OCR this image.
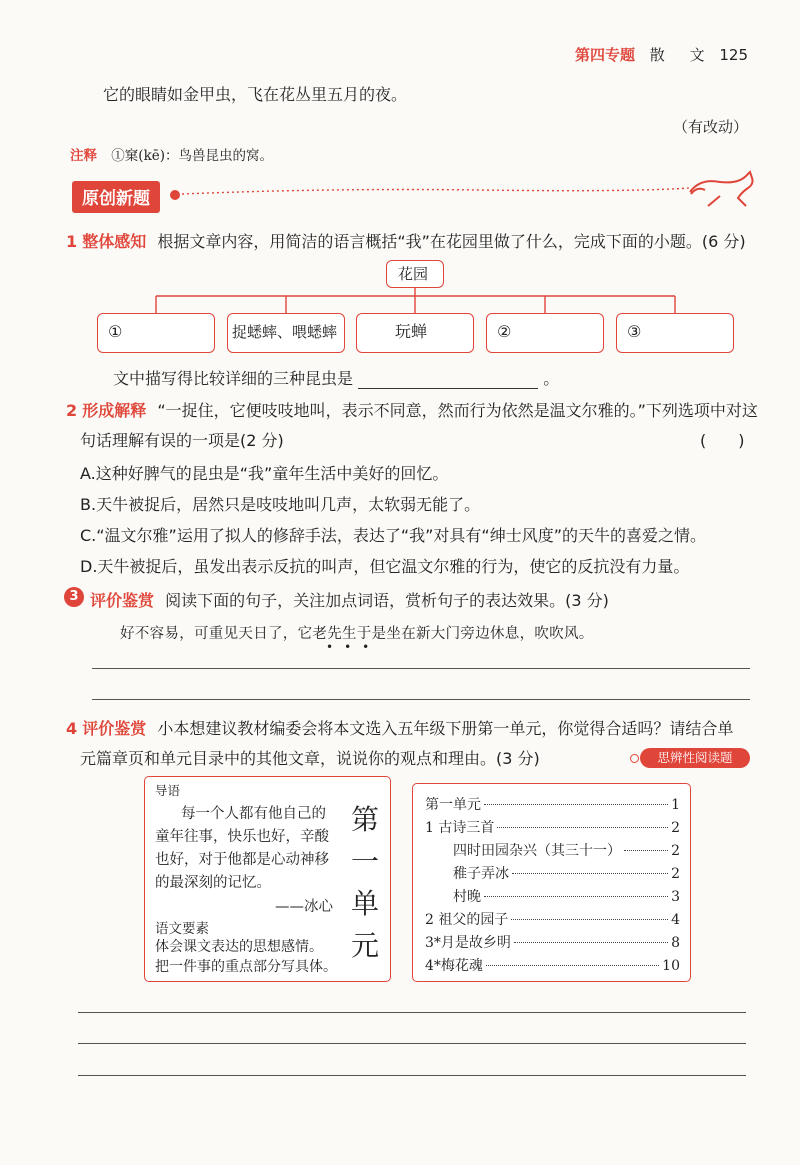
第四专题 散 文 125
它的眼睛如金甲虫，飞在花丛里五月的夜。
（有改动）
注释 ①窠(kē)：鸟兽昆虫的窝。
原创新题
1 整体感知 根据文章内容，用简洁的语言概括“我”在花园里做了什么，完成下面的小题。(6 分)
花园
①	捉蟋蟀、喂蟋蟀	玩蝉	②	③
文中描写得比较详细的三种昆虫是	。
2 形成解释 “一捉住，它便吱吱地叫，表示不同意，然而行为依然是温文尔雅的。”下列选项中对这
句话理解有误的一项是(2 分)	(　　)
A.这种好脾气的昆虫是“我”童年生活中美好的回忆。
B.天牛被捉后，居然只是吱吱地叫几声，太软弱无能了。
C.“温文尔雅”运用了拟人的修辞手法，表达了“我”对具有“绅士风度”的天牛的喜爱之情。
D.天牛被捉后，虽发出表示反抗的叫声，但它温文尔雅的行为，使它的反抗没有力量。
3 评价鉴赏 阅读下面的句子，关注加点词语，赏析句子的表达效果。(3 分)
好不容易，可重见天日了，它老先生于是坐在新大门旁边休息，吹吹风。
•••
4 评价鉴赏 小本想建议教材编委会将本文选入五年级下册第一单元，你觉得合适吗？请结合单
元篇章页和单元目录中的其他文章，说说你的观点和理由。(3 分)	思辨性阅读题
导语
每一个人都有他自己的
童年往事，快乐也好，辛酸
也好，对于他都是心动神移
的最深刻的记忆。
——冰心
语文要素
体会课文表达的思想感情。
把一件事的重点部分写具体。
第
一
单
元
第一单元	1
1 古诗三首	2
四时田园杂兴（其三十一）	2
稚子弄冰	2
村晚	3
2 祖父的园子	4
3*月是故乡明	8
4*梅花魂	10
